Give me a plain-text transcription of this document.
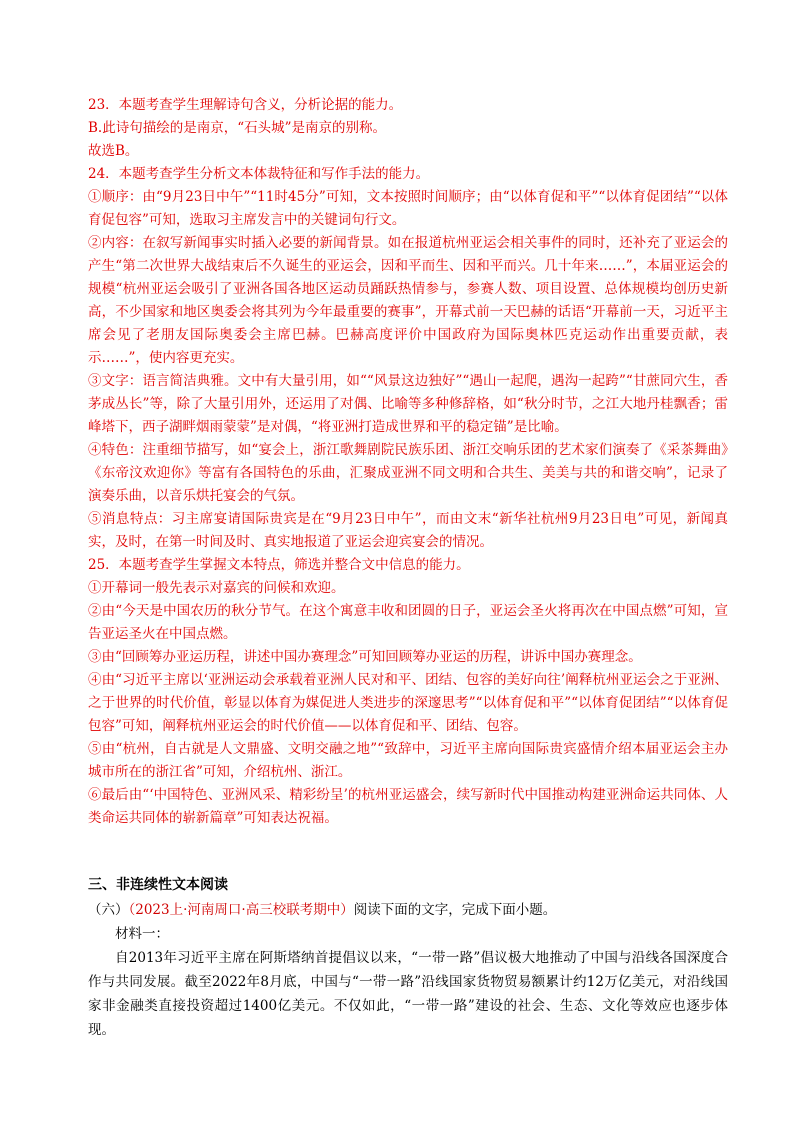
23．本题考查学生理解诗句含义，分析论据的能力。

B.此诗句描绘的是南京，“石头城”是南京的别称。

故选B。

24．本题考查学生分析文本体裁特征和写作手法的能力。

①顺序：由“9月23日中午”“11时45分”可知，文本按照时间顺序；由“以体育促和平”“以体育促团结”“以体育促包容”可知，选取习主席发言中的关键词句行文。

②内容：在叙写新闻事实时插入必要的新闻背景。如在报道杭州亚运会相关事件的同时，还补充了亚运会的产生“第二次世界大战结束后不久诞生的亚运会，因和平而生、因和平而兴。几十年来……”，本届亚运会的规模“杭州亚运会吸引了亚洲各国各地区运动员踊跃热情参与，参赛人数、项目设置、总体规模均创历史新高，不少国家和地区奥委会将其列为今年最重要的赛事”，开幕式前一天巴赫的话语“开幕前一天，习近平主席会见了老朋友国际奥委会主席巴赫。巴赫高度评价中国政府为国际奥林匹克运动作出重要贡献，表示……”，使内容更充实。

③文字：语言简洁典雅。文中有大量引用，如““风景这边独好”“遇山一起爬，遇沟一起跨”“甘蔗同穴生，香茅成丛长”等，除了大量引用外，还运用了对偶、比喻等多种修辞格，如“秋分时节，之江大地丹桂飘香；雷峰塔下，西子湖畔烟雨蒙蒙”是对偶，“将亚洲打造成世界和平的稳定锚”是比喻。

④特色：注重细节描写，如“宴会上，浙江歌舞剧院民族乐团、浙江交响乐团的艺术家们演奏了《采茶舞曲》《东帝汶欢迎你》等富有各国特色的乐曲，汇聚成亚洲不同文明和合共生、美美与共的和谐交响”，记录了演奏乐曲，以音乐烘托宴会的气氛。

⑤消息特点：习主席宴请国际贵宾是在“9月23日中午”，而由文末“新华社杭州9月23日电”可见，新闻真实，及时，在第一时间及时、真实地报道了亚运会迎宾宴会的情况。

25．本题考查学生掌握文本特点，筛选并整合文中信息的能力。

①开幕词一般先表示对嘉宾的问候和欢迎。

②由“今天是中国农历的秋分节气。在这个寓意丰收和团圆的日子，亚运会圣火将再次在中国点燃”可知，宣告亚运圣火在中国点燃。

③由“回顾筹办亚运历程，讲述中国办赛理念”可知回顾筹办亚运的历程，讲诉中国办赛理念。

④由“习近平主席以‘亚洲运动会承载着亚洲人民对和平、团结、包容的美好向往’阐释杭州亚运会之于亚洲、之于世界的时代价值，彰显以体育为媒促进人类进步的深邃思考”“以体育促和平”“以体育促团结”“以体育促包容”可知，阐释杭州亚运会的时代价值——以体育促和平、团结、包容。

⑤由“杭州，自古就是人文鼎盛、文明交融之地”“致辞中，习近平主席向国际贵宾盛情介绍本届亚运会主办城市所在的浙江省”可知，介绍杭州、浙江。

⑥最后由“‘中国特色、亚洲风采、精彩纷呈’的杭州亚运盛会，续写新时代中国推动构建亚洲命运共同体、人类命运共同体的崭新篇章”可知表达祝福。

三、非连续性文本阅读
（六）（2023上·河南周口·高三校联考期中）阅读下面的文字，完成下面小题。

材料一：

自2013年习近平主席在阿斯塔纳首提倡议以来，“一带一路”倡议极大地推动了中国与沿线各国深度合作与共同发展。截至2022年8月底，中国与“一带一路”沿线国家货物贸易额累计约12万亿美元，对沿线国家非金融类直接投资超过1400亿美元。不仅如此，“一带一路”建设的社会、生态、文化等效应也逐步体现。
